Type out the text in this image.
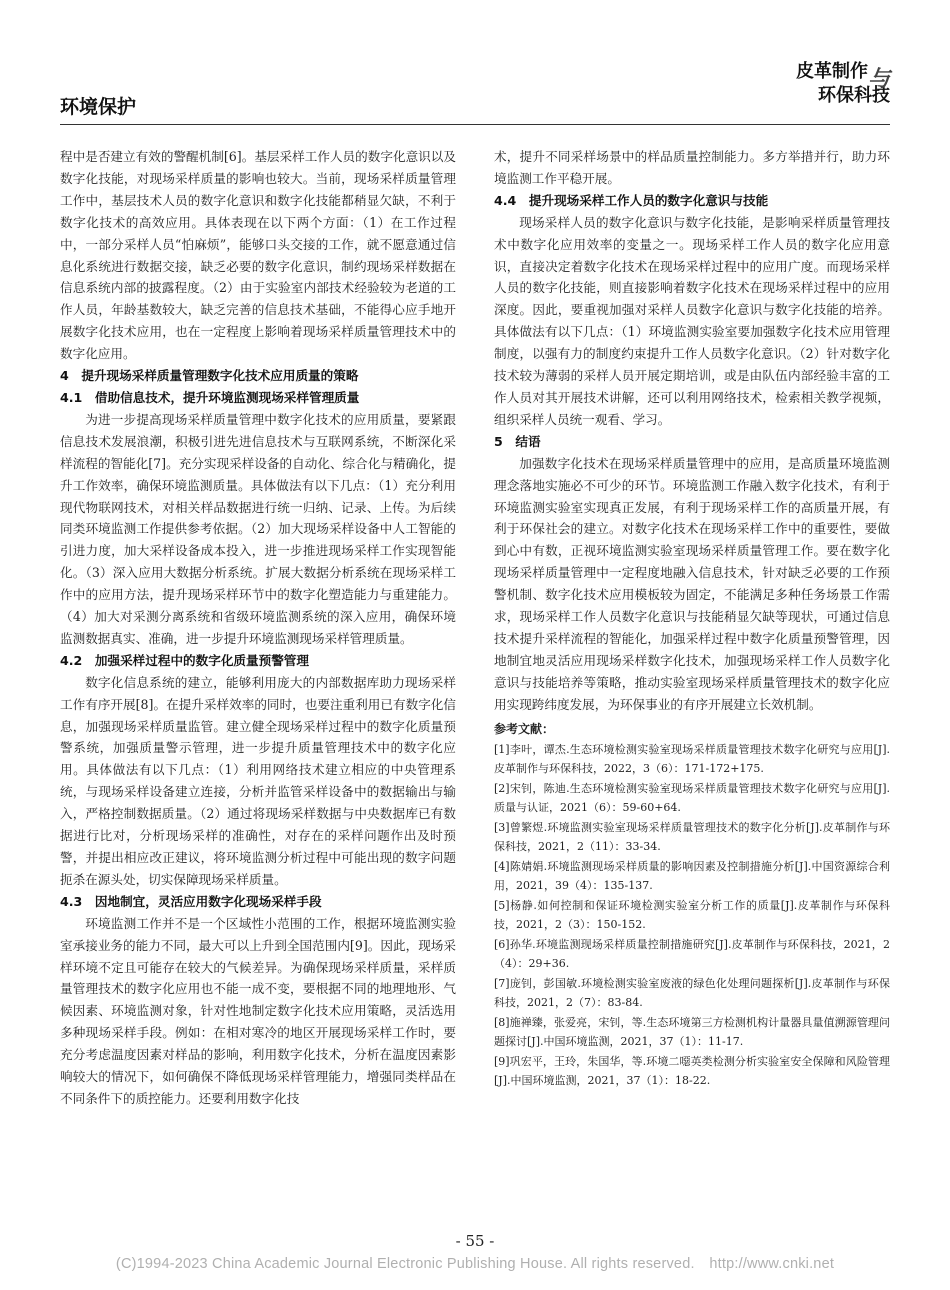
环境保护
皮革制作 与
环保科技

程中是否建立有效的警醒机制[6]。基层采样工作人员的数字化意识以及数字化技能，对现场采样质量的影响也较大。当前，现场采样质量管理工作中，基层技术人员的数字化意识和数字化技能都稍显欠缺，不利于数字化技术的高效应用。具体表现在以下两个方面：（1）在工作过程中，一部分采样人员“怕麻烦”，能够口头交接的工作，就不愿意通过信息化系统进行数据交接，缺乏必要的数字化意识，制约现场采样数据在信息系统内部的披露程度。（2）由于实验室内部技术经验较为老道的工作人员，年龄基数较大，缺乏完善的信息技术基础，不能得心应手地开展数字化技术应用，也在一定程度上影响着现场采样质量管理技术中的数字化应用。

4　提升现场采样质量管理数字化技术应用质量的策略
4.1　借助信息技术，提升环境监测现场采样管理质量

为进一步提高现场采样质量管理中数字化技术的应用质量，要紧跟信息技术发展浪潮，积极引进先进信息技术与互联网系统，不断深化采样流程的智能化[7]。充分实现采样设备的自动化、综合化与精确化，提升工作效率，确保环境监测质量。具体做法有以下几点：（1）充分利用现代物联网技术，对相关样品数据进行统一归纳、记录、上传。为后续同类环境监测工作提供参考依据。（2）加大现场采样设备中人工智能的引进力度，加大采样设备成本投入，进一步推进现场采样工作实现智能化。（3）深入应用大数据分析系统。扩展大数据分析系统在现场采样工作中的应用方法，提升现场采样环节中的数字化塑造能力与重建能力。（4）加大对采测分离系统和省级环境监测系统的深入应用，确保环境监测数据真实、准确，进一步提升环境监测现场采样管理质量。

4.2　加强采样过程中的数字化质量预警管理

数字化信息系统的建立，能够利用庞大的内部数据库助力现场采样工作有序开展[8]。在提升采样效率的同时，也要注重利用已有数字化信息，加强现场采样质量监管。建立健全现场采样过程中的数字化质量预警系统，加强质量警示管理，进一步提升质量管理技术中的数字化应用。具体做法有以下几点：（1）利用网络技术建立相应的中央管理系统，与现场采样设备建立连接，分析并监管采样设备中的数据输出与输入，严格控制数据质量。（2）通过将现场采样数据与中央数据库已有数据进行比对，分析现场采样的准确性，对存在的采样问题作出及时预警，并提出相应改正建议，将环境监测分析过程中可能出现的数字问题扼杀在源头处，切实保障现场采样质量。

4.3　因地制宜，灵活应用数字化现场采样手段

环境监测工作并不是一个区域性小范围的工作，根据环境监测实验室承接业务的能力不同，最大可以上升到全国范围内[9]。因此，现场采样环境不定且可能存在较大的气候差异。为确保现场采样质量，采样质量管理技术的数字化应用也不能一成不变，要根据不同的地理地形、气候因素、环境监测对象，针对性地制定数字化技术应用策略，灵活选用多种现场采样手段。例如：在相对寒冷的地区开展现场采样工作时，要充分考虑温度因素对样品的影响，利用数字化技术，分析在温度因素影响较大的情况下，如何确保不降低现场采样管理能力，增强同类样品在不同条件下的质控能力。还要利用数字化技

术，提升不同采样场景中的样品质量控制能力。多方举措并行，助力环境监测工作平稳开展。

4.4　提升现场采样工作人员的数字化意识与技能

现场采样人员的数字化意识与数字化技能，是影响采样质量管理技术中数字化应用效率的变量之一。现场采样工作人员的数字化应用意识，直接决定着数字化技术在现场采样过程中的应用广度。而现场采样人员的数字化技能，则直接影响着数字化技术在现场采样过程中的应用深度。因此，要重视加强对采样人员数字化意识与数字化技能的培养。具体做法有以下几点：（1）环境监测实验室要加强数字化技术应用管理制度，以强有力的制度约束提升工作人员数字化意识。（2）针对数字化技术较为薄弱的采样人员开展定期培训，或是由队伍内部经验丰富的工作人员对其开展技术讲解，还可以利用网络技术，检索相关教学视频，组织采样人员统一观看、学习。

5　结语

加强数字化技术在现场采样质量管理中的应用，是高质量环境监测理念落地实施必不可少的环节。环境监测工作融入数字化技术，有利于环境监测实验室实现真正发展，有利于现场采样工作的高质量开展，有利于环保社会的建立。对数字化技术在现场采样工作中的重要性，要做到心中有数，正视环境监测实验室现场采样质量管理工作。要在数字化现场采样质量管理中一定程度地融入信息技术，针对缺乏必要的工作预警机制、数字化技术应用模板较为固定，不能满足多种任务场景工作需求，现场采样工作人员数字化意识与技能稍显欠缺等现状，可通过信息技术提升采样流程的智能化，加强采样过程中数字化质量预警管理，因地制宜地灵活应用现场采样数字化技术，加强现场采样工作人员数字化意识与技能培养等策略，推动实验室现场采样质量管理技术的数字化应用实现跨纬度发展，为环保事业的有序开展建立长效机制。

参考文献：

[1]李叶，谭杰.生态环境检测实验室现场采样质量管理技术数字化研究与应用[J].皮革制作与环保科技，2022，3（6）：171-172+175.

[2]宋钊，陈迪.生态环境检测实验室现场采样质量管理技术数字化研究与应用[J].质量与认证，2021（6）：59-60+64.

[3]曾繁煜.环境监测实验室现场采样质量管理技术的数字化分析[J].皮革制作与环保科技，2021，2（11）：33-34.

[4]陈婧娟.环境监测现场采样质量的影响因素及控制措施分析[J].中国资源综合利用，2021，39（4）：135-137.

[5]杨静.如何控制和保证环境检测实验室分析工作的质量[J].皮革制作与环保科技，2021，2（3）：150-152.

[6]孙华.环境监测现场采样质量控制措施研究[J].皮革制作与环保科技，2021，2（4）：29+36.

[7]庞钊，彭国敏.环境检测实验室废液的绿色化处理问题探析[J].皮革制作与环保科技，2021，2（7）：83-84.

[8]施禅臻，张爱亮，宋钊，等.生态环境第三方检测机构计量器具量值溯源管理问题探讨[J].中国环境监测，2021，37（1）：11-17.

[9]巩宏平，王玲，朱国华，等.环境二噁英类检测分析实验室安全保障和风险管理[J].中国环境监测，2021，37（1）：18-22.

- 55 -
(C)1994-2023 China Academic Journal Electronic Publishing House. All rights reserved.　http://www.cnki.net
